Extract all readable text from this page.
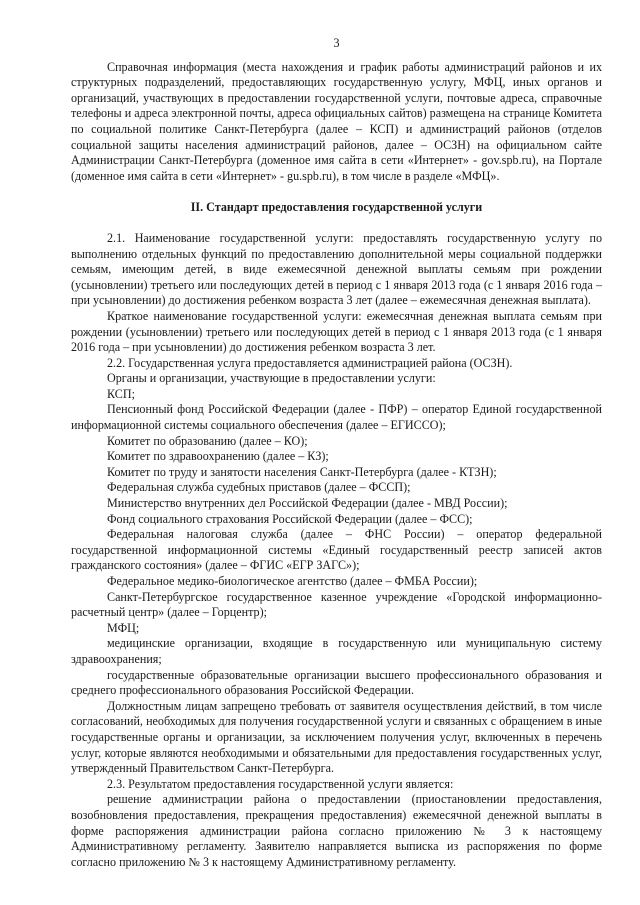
3

Справочная информация (места нахождения и график работы администраций районов и их структурных подразделений, предоставляющих государственную услугу, МФЦ, иных органов и организаций, участвующих в предоставлении государственной услуги, почтовые адреса, справочные телефоны и адреса электронной почты, адреса официальных сайтов) размещена на странице Комитета по социальной политике Санкт-Петербурга (далее – КСП) и администраций районов (отделов социальной защиты населения администраций районов, далее – ОСЗН) на официальном сайте Администрации Санкт-Петербурга (доменное имя сайта в сети «Интернет» - gov.spb.ru), на Портале (доменное имя сайта в сети «Интернет» - gu.spb.ru), в том числе в разделе «МФЦ».

II. Стандарт предоставления государственной услуги

2.1. Наименование государственной услуги: предоставлять государственную услугу по выполнению отдельных функций по предоставлению дополнительной меры социальной поддержки семьям, имеющим детей, в виде ежемесячной денежной выплаты семьям при рождении (усыновлении) третьего или последующих детей в период с 1 января 2013 года (с 1 января 2016 года – при усыновлении) до достижения ребенком возраста 3 лет (далее – ежемесячная денежная выплата).

Краткое наименование государственной услуги: ежемесячная денежная выплата семьям при рождении (усыновлении) третьего или последующих детей в период с 1 января 2013 года (с 1 января 2016 года – при усыновлении) до достижения ребенком возраста 3 лет.

2.2. Государственная услуга предоставляется администрацией района (ОСЗН).

Органы и организации, участвующие в предоставлении услуги:

КСП;

Пенсионный фонд Российской Федерации (далее - ПФР) – оператор Единой государственной информационной системы социального обеспечения (далее – ЕГИССО);

Комитет по образованию (далее – КО);

Комитет по здравоохранению (далее – КЗ);

Комитет по труду и занятости населения Санкт-Петербурга (далее - КТЗН);

Федеральная служба судебных приставов (далее – ФССП);

Министерство внутренних дел Российской Федерации (далее - МВД России);

Фонд социального страхования Российской Федерации (далее – ФСС);

Федеральная налоговая служба (далее – ФНС России) – оператор федеральной государственной информационной системы «Единый государственный реестр записей актов гражданского состояния» (далее – ФГИС «ЕГР ЗАГС»);

Федеральное медико-биологическое агентство (далее – ФМБА России);

Санкт-Петербургское государственное казенное учреждение «Городской информационно-расчетный центр» (далее – Горцентр);

МФЦ;

медицинские организации, входящие в государственную или муниципальную систему здравоохранения;

государственные образовательные организации высшего профессионального образования и среднего профессионального образования Российской Федерации.

Должностным лицам запрещено требовать от заявителя осуществления действий, в том числе согласований, необходимых для получения государственной услуги и связанных с обращением в иные государственные органы и организации, за исключением получения услуг, включенных в перечень услуг, которые являются необходимыми и обязательными для предоставления государственных услуг, утвержденный Правительством Санкт-Петербурга.

2.3. Результатом предоставления государственной услуги является:

решение администрации района о предоставлении (приостановлении предоставления, возобновления предоставления, прекращения предоставления) ежемесячной денежной выплаты в форме распоряжения администрации района согласно приложению № 3 к настоящему Административному регламенту. Заявителю направляется выписка из распоряжения по форме согласно приложению № 3 к настоящему Административному регламенту.
